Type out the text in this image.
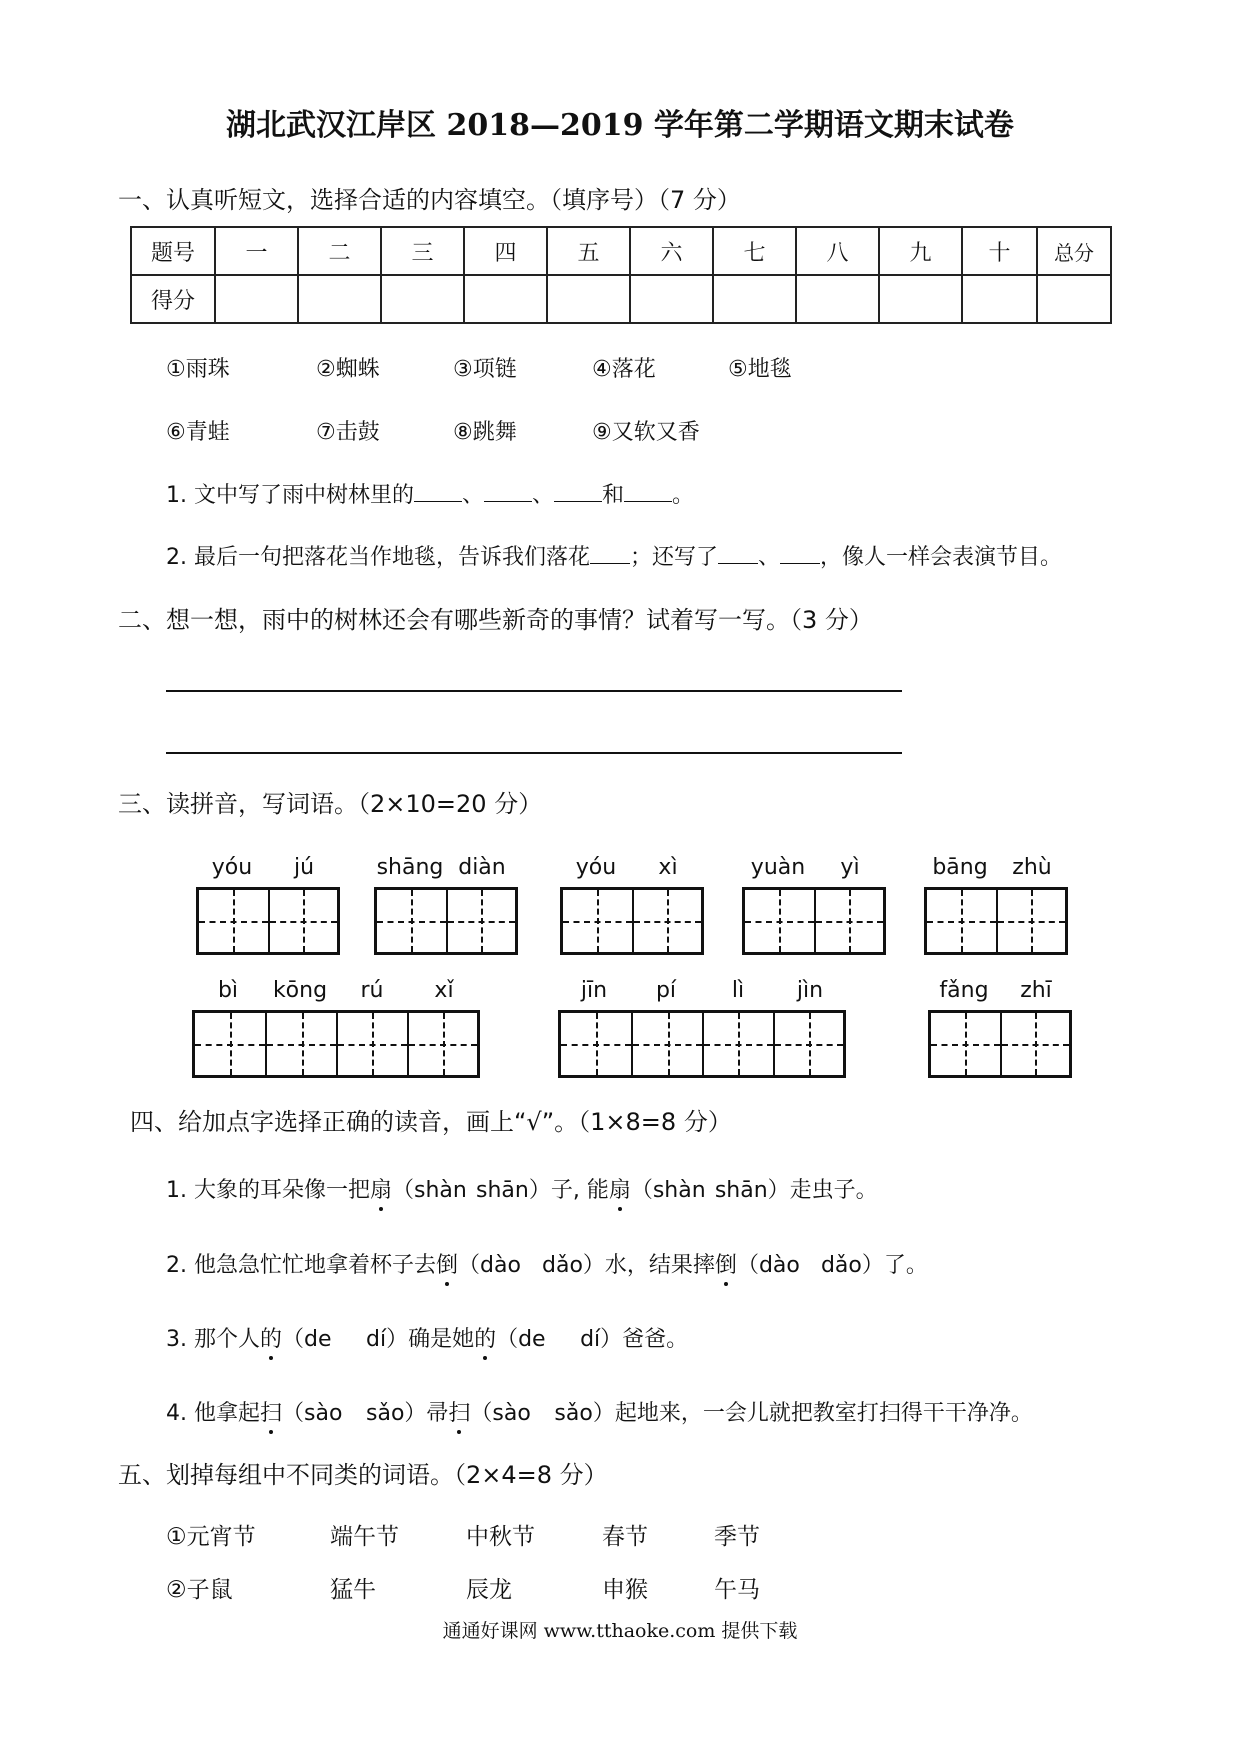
湖北武汉江岸区 2018—2019 学年第二学期语文期末试卷
一、认真听短文，选择合适的内容填空。（填序号）（7 分）
题号	一	二	三	四	五	六	七	八	九	十	总分
得分											
①雨珠	②蜘蛛	③项链	④落花	⑤地毯
⑥青蛙	⑦击鼓	⑧跳舞	⑨又软又香
1. 文中写了雨中树林里的 、 、 和 。
2. 最后一句把落花当作地毯，告诉我们落花 ；还写了 、 ，像人一样会表演节目。
二、想一想，雨中的树林还会有哪些新奇的事情？试着写一写。（3 分）
三、读拼音，写词语。（2×10=20 分）
yóu	jú	shāng diàn	yóu	xì	yuàn	yì	bāng	zhù
bì	kōng	rú	xǐ	jīn	pí	lì	jìn	fǎng	zhī
四、给加点字选择正确的读音，画上“√”。（1×8=8 分）
1. 大象的耳朵像一把扇（shàn shān）子, 能扇（shàn shān）走虫子。
2. 他急急忙忙地拿着杯子去倒（dào dǎo）水，结果摔倒（dào dǎo）了。
3. 那个人的（de dí）确是她的（de dí）爸爸。
4. 他拿起扫（sào sǎo）帚扫（sào sǎo）起地来，一会儿就把教室打扫得干干净净。
五、划掉每组中不同类的词语。（2×4=8 分）
①元宵节	端午节	中秋节	春节	季节
②子鼠	猛牛	辰龙	申猴	午马
通通好课网 www.tthaoke.com 提供下载
